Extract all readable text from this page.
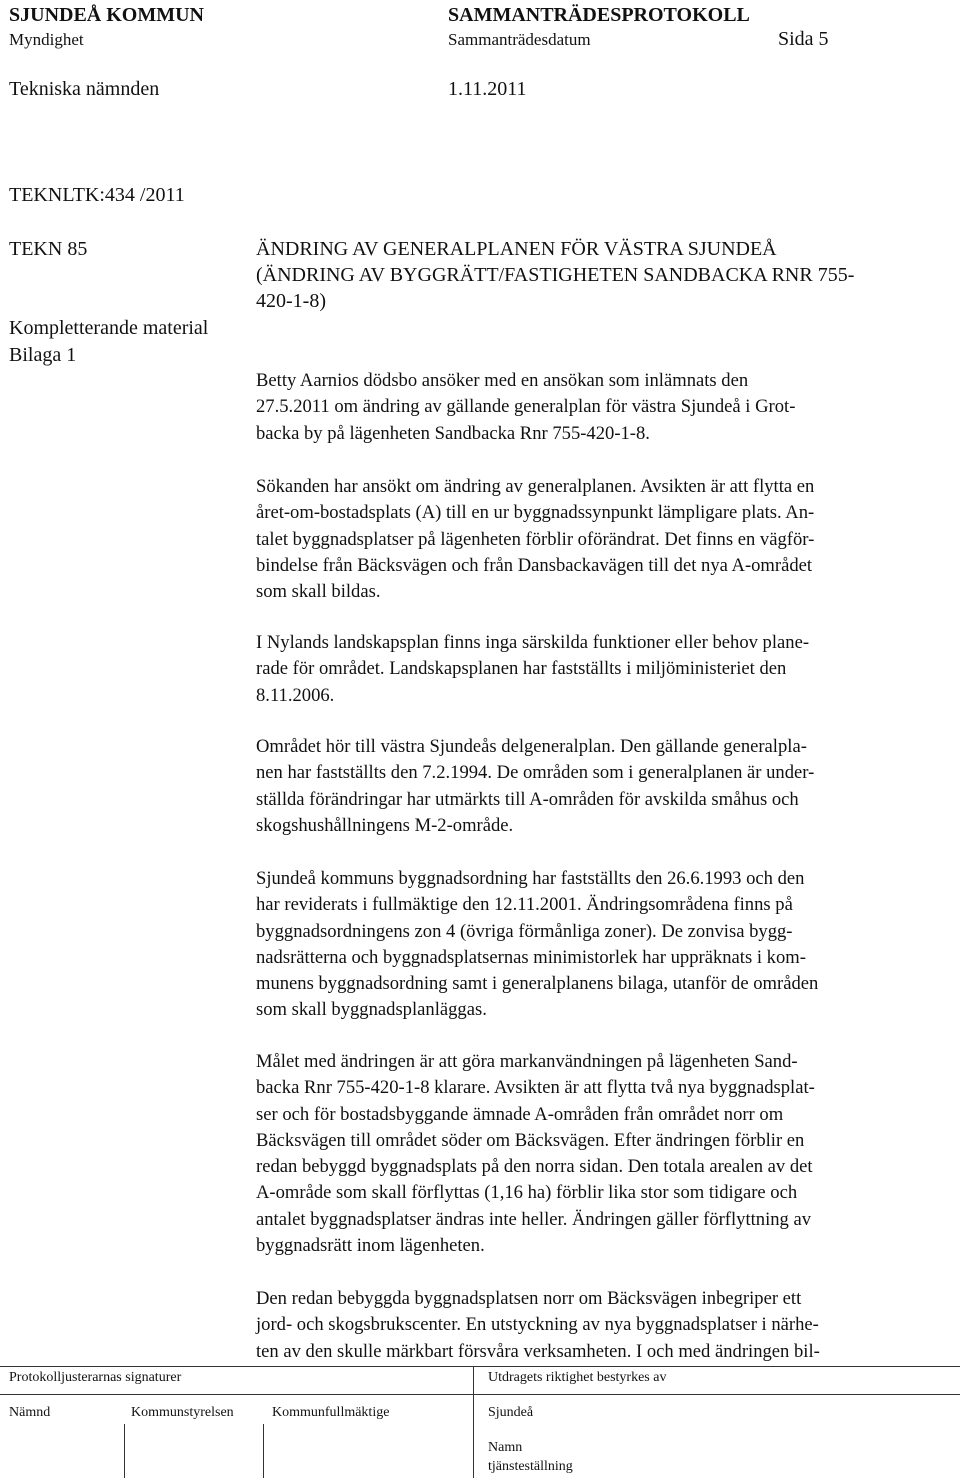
SJUNDEÅ KOMMUN	SAMMANTRÄDESPROTOKOLL
Myndighet	Sammanträdesdatum	Sida 5
Tekniska nämnden	1.11.2011
TEKNLTK:434 /2011
TEKN 85
Kompletterande material
Bilaga 1
ÄNDRING AV GENERALPLANEN FÖR VÄSTRA SJUNDEÅ
(ÄNDRING AV BYGGRÄTT/FASTIGHETEN SANDBACKA RNR 755-
420-1-8)
Betty Aarnios dödsbo ansöker med en ansökan som inlämnats den
27.5.2011 om ändring av gällande generalplan för västra Sjundeå i Grot-
backa by på lägenheten Sandbacka Rnr 755-420-1-8.
Sökanden har ansökt om ändring av generalplanen. Avsikten är att flytta en
året-om-bostadsplats (A) till en ur byggnadssynpunkt lämpligare plats. An-
talet byggnadsplatser på lägenheten förblir oförändrat. Det finns en vägför-
bindelse från Bäcksvägen och från Dansbackavägen till det nya A-området
som skall bildas.
I Nylands landskapsplan finns inga särskilda funktioner eller behov plane-
rade för området. Landskapsplanen har fastställts i miljöministeriet den
8.11.2006.
Området hör till västra Sjundeås delgeneralplan. Den gällande generalpla-
nen har fastställts den 7.2.1994. De områden som i generalplanen är under-
ställda förändringar har utmärkts till A-områden för avskilda småhus och
skogshushållningens M-2-område.
Sjundeå kommuns byggnadsordning har fastställts den 26.6.1993 och den
har reviderats i fullmäktige den 12.11.2001. Ändringsområdena finns på
byggnadsordningens zon 4 (övriga förmånliga zoner). De zonvisa bygg-
nadsrätterna och byggnadsplatsernas minimistorlek har uppräknats i kom-
munens byggnadsordning samt i generalplanens bilaga, utanför de områden
som skall byggnadsplanläggas.
Målet med ändringen är att göra markanvändningen på lägenheten Sand-
backa Rnr 755-420-1-8 klarare. Avsikten är att flytta två nya byggnadsplat-
ser och för bostadsbyggande ämnade A-områden från området norr om
Bäcksvägen till området söder om Bäcksvägen. Efter ändringen förblir en
redan bebyggd byggnadsplats på den norra sidan. Den totala arealen av det
A-område som skall förflyttas (1,16 ha) förblir lika stor som tidigare och
antalet byggnadsplatser ändras inte heller. Ändringen gäller förflyttning av
byggnadsrätt inom lägenheten.
Den redan bebyggda byggnadsplatsen norr om Bäcksvägen inbegriper ett
jord- och skogsbrukscenter. En utstyckning av nya byggnadsplatser i närhe-
ten av den skulle märkbart försvåra verksamheten. I och med ändringen bil-
Protokolljusterarnas signaturer	Utdragets riktighet bestyrkes av
Nämnd	Kommunstyrelsen	Kommunfullmäktige	Sjundeå
Namn
tjänsteställning
